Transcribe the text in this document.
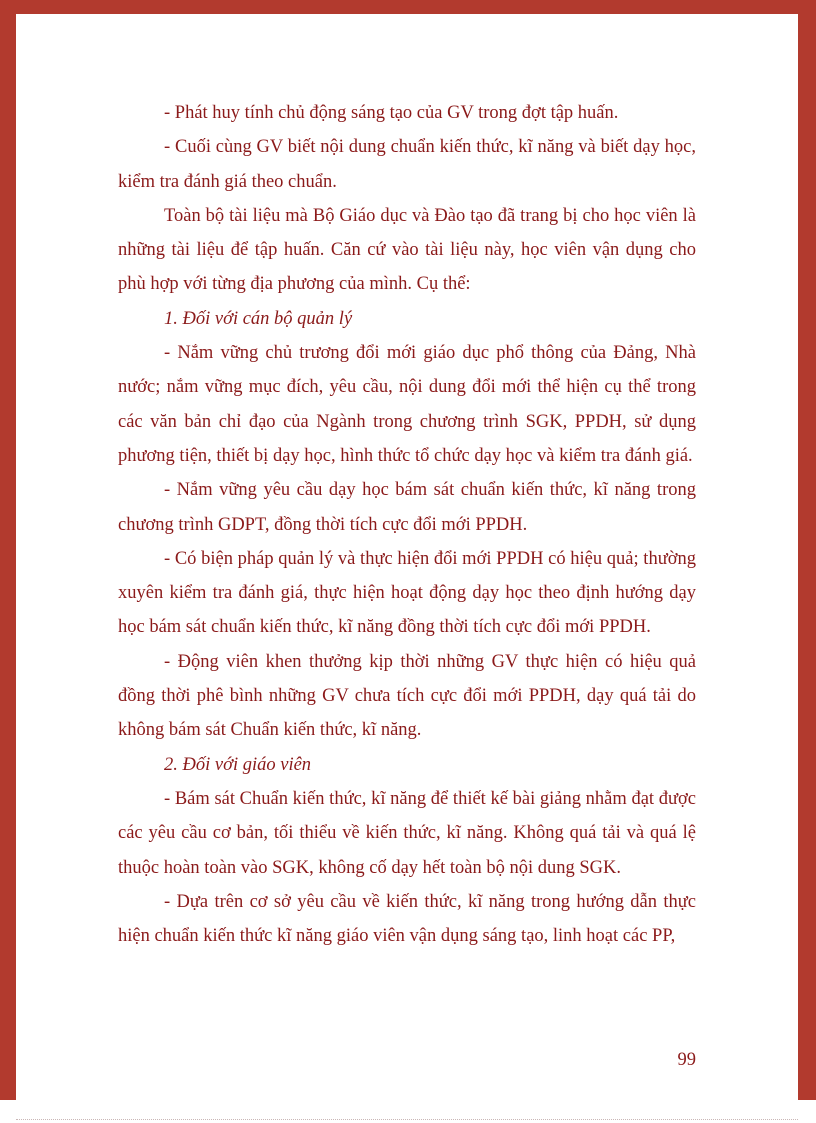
- Phát huy tính chủ động sáng tạo của GV trong đợt tập huấn.

- Cuối cùng GV biết nội dung chuẩn kiến thức, kĩ năng và biết dạy học, kiểm tra đánh giá theo chuẩn.

Toàn bộ tài liệu mà Bộ Giáo dục và Đào tạo đã trang bị cho học viên là những tài liệu để tập huấn. Căn cứ vào tài liệu này, học viên vận dụng cho phù hợp với từng địa phương của mình. Cụ thể:

1. Đối với cán bộ quản lý

- Nắm vững chủ trương đổi mới giáo dục phổ thông của Đảng, Nhà nước; nắm vững mục đích, yêu cầu, nội dung đổi mới thể hiện cụ thể trong các văn bản chỉ đạo của Ngành trong chương trình SGK, PPDH, sử dụng phương tiện, thiết bị dạy học, hình thức tổ chức dạy học và kiểm tra đánh giá.

- Nắm vững yêu cầu dạy học bám sát chuẩn kiến thức, kĩ năng trong chương trình GDPT, đồng thời tích cực đổi mới PPDH.

- Có biện pháp quản lý và thực hiện đổi mới PPDH có hiệu quả; thường xuyên kiểm tra đánh giá, thực hiện hoạt động dạy học theo định hướng dạy học bám sát chuẩn kiến thức, kĩ năng đồng thời tích cực đổi mới PPDH.

- Động viên khen thưởng kịp thời những GV thực hiện có hiệu quả đồng thời phê bình những GV chưa tích cực đổi mới PPDH, dạy quá tải do không bám sát Chuẩn kiến thức, kĩ năng.

2. Đối với giáo viên

- Bám sát Chuẩn kiến thức, kĩ năng để thiết kế bài giảng nhằm đạt được các yêu cầu cơ bản, tối thiểu về kiến thức, kĩ năng. Không quá tải và quá lệ thuộc hoàn toàn vào SGK, không cố dạy hết toàn bộ nội dung SGK.

- Dựa trên cơ sở yêu cầu về kiến thức, kĩ năng trong hướng dẫn thực hiện chuẩn kiến thức kĩ năng giáo viên vận dụng sáng tạo, linh hoạt các PP,

99
